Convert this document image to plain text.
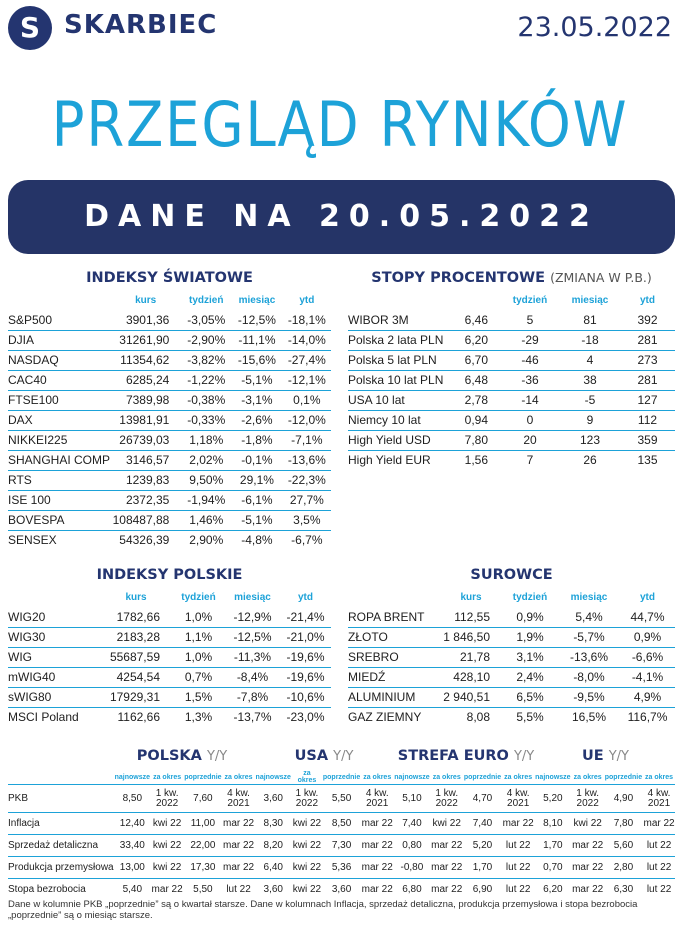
S SKARBIEC	23.05.2022
PRZEGLĄD RYNKÓW
DANE NA 20.05.2022
INDEKSY ŚWIATOWE
	kurs	tydzień	miesiąc	ytd
S&P500	3901,36	-3,05%	-12,5%	-18,1%
DJIA	31261,90	-2,90%	-11,1%	-14,0%
NASDAQ	11354,62	-3,82%	-15,6%	-27,4%
CAC40	6285,24	-1,22%	-5,1%	-12,1%
FTSE100	7389,98	-0,38%	-3,1%	0,1%
DAX	13981,91	-0,33%	-2,6%	-12,0%
NIKKEI225	26739,03	1,18%	-1,8%	-7,1%
SHANGHAI COMP	3146,57	2,02%	-0,1%	-13,6%
RTS	1239,83	9,50%	29,1%	-22,3%
ISE 100	2372,35	-1,94%	-6,1%	27,7%
BOVESPA	108487,88	1,46%	-5,1%	3,5%
SENSEX	54326,39	2,90%	-4,8%	-6,7%
STOPY PROCENTOWE (ZMIANA W P.B.)
		tydzień	miesiąc	ytd
WIBOR 3M	6,46	5	81	392
Polska 2 lata PLN	6,20	-29	-18	281
Polska 5 lat PLN	6,70	-46	4	273
Polska 10 lat PLN	6,48	-36	38	281
USA 10 lat	2,78	-14	-5	127
Niemcy 10 lat	0,94	0	9	112
High Yield USD	7,80	20	123	359
High Yield EUR	1,56	7	26	135
INDEKSY POLSKIE
	kurs	tydzień	miesiąc	ytd
WIG20	1782,66	1,0%	-12,9%	-21,4%
WIG30	2183,28	1,1%	-12,5%	-21,0%
WIG	55687,59	1,0%	-11,3%	-19,6%
mWIG40	4254,54	0,7%	-8,4%	-19,6%
sWIG80	17929,31	1,5%	-7,8%	-10,6%
MSCI Poland	1162,66	1,3%	-13,7%	-23,0%
SUROWCE
	kurs	tydzień	miesiąc	ytd
ROPA BRENT	112,55	0,9%	5,4%	44,7%
ZŁOTO	1 846,50	1,9%	-5,7%	0,9%
SREBRO	21,78	3,1%	-13,6%	-6,6%
MIEDŹ	428,10	2,4%	-8,0%	-4,1%
ALUMINIUM	2 940,51	6,5%	-9,5%	4,9%
GAZ ZIEMNY	8,08	5,5%	16,5%	116,7%
POLSKA Y/Y	USA Y/Y	STREFA EURO Y/Y	UE Y/Y
	najnowsze	za okres	poprzednie	za okres	najnowsze	za okres	poprzednie	za okres	najnowsze	za okres	poprzednie	za okres	najnowsze	za okres	poprzednie	za okres
PKB	8,50	1 kw. 2022	7,60	4 kw. 2021	3,60	1 kw. 2022	5,50	4 kw. 2021	5,10	1 kw. 2022	4,70	4 kw. 2021	5,20	1 kw. 2022	4,90	4 kw. 2021
Inflacja	12,40	kwi 22	11,00	mar 22	8,30	kwi 22	8,50	mar 22	7,40	kwi 22	7,40	mar 22	8,10	kwi 22	7,80	mar 22
Sprzedaż detaliczna	33,40	kwi 22	22,00	mar 22	8,20	kwi 22	7,30	mar 22	0,80	mar 22	5,20	lut 22	1,70	mar 22	5,60	lut 22
Produkcja przemysłowa	13,00	kwi 22	17,30	mar 22	6,40	kwi 22	5,36	mar 22	-0,80	mar 22	1,70	lut 22	0,70	mar 22	2,80	lut 22
Stopa bezrobocia	5,40	mar 22	5,50	lut 22	3,60	kwi 22	3,60	mar 22	6,80	mar 22	6,90	lut 22	6,20	mar 22	6,30	lut 22
Dane w kolumnie PKB „poprzednie” są o kwartał starsze. Dane w kolumnach Inflacja, sprzedaż detaliczna, produkcja przemysłowa i stopa bezrobocia „poprzednie” są o miesiąc starsze.
